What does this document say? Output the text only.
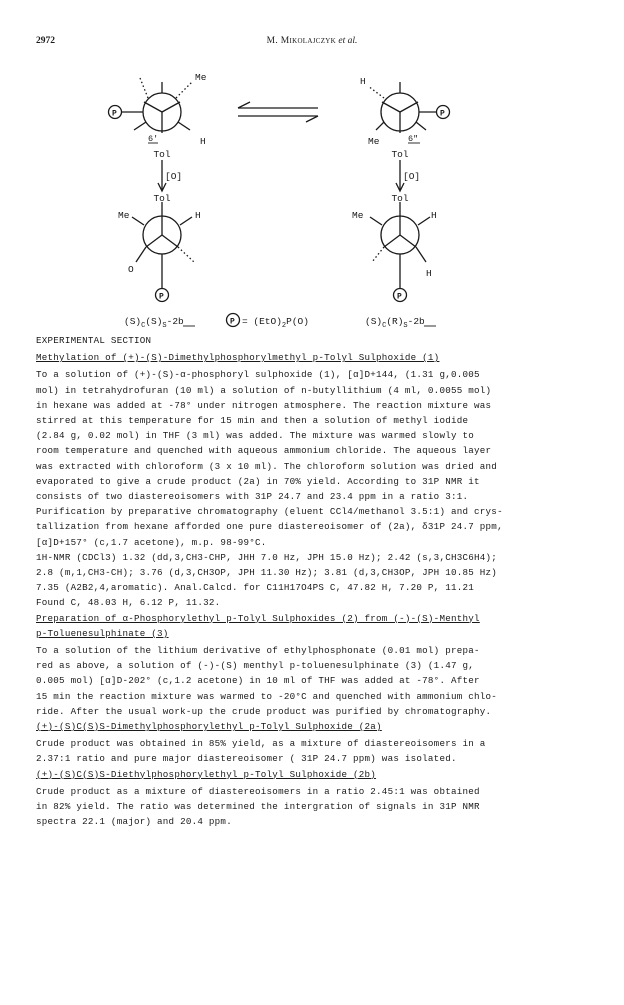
2972	M. Mikolajczyk et al.
Me
H
6'
P
H
Me	6"
P
Tol
[O]
Tol
Tol
[O]
Tol
Me	H
O
P
Me	H
H
P
$(S)_C(S)_S-2b$	$P = (EtO)_2P(O)$	$(S)_C(R)_S-2b$

EXPERIMENTAL SECTION

Methylation of (+)-(S)-Dimethylphosphorylmethyl p-Tolyl Sulphoxide (1)

To a solution of (+)-(S)-α-phosphoryl sulphoxide (1), [α]D+144, (1.31 g,0.005

mol) in tetrahydrofuran (10 ml) a solution of n-butyllithium (4 ml, 0.0055 mol)

in hexane was added at -78° under nitrogen atmosphere. The reaction mixture was

stirred at this temperature for 15 min and then a solution of methyl iodide

(2.84 g, 0.02 mol) in THF (3 ml) was added. The mixture was warmed slowly to

room temperature and quenched with aqueous ammonium chloride. The aqueous layer

was extracted with chloroform (3 x 10 ml). The chloroform solution was dried and

evaporated to give a crude product (2a) in 70% yield. According to 31P NMR it

consists of two diastereoisomers with 31P 24.7 and 23.4 ppm in a ratio 3:1.

Purification by preparative chromatography (eluent CCl4/methanol 3.5:1) and crys-

tallization from hexane afforded one pure diastereoisomer of (2a), δ31P 24.7 ppm,

[α]D+157° (c,1.7 acetone), m.p. 98-99°C.

1H-NMR (CDCl3) 1.32 (dd,3,CH3-CHP, JHH 7.0 Hz, JPH 15.0 Hz); 2.42 (s,3,CH3C6H4);

2.8 (m,1,CH3-CH); 3.76 (d,3,CH3OP, JPH 11.30 Hz); 3.81 (d,3,CH3OP, JPH 10.85 Hz)

7.35 (A2B2,4,aromatic). Anal.Calcd. for C11H17O4PS C, 47.82 H, 7.20 P, 11.21

Found C, 48.03 H, 6.12 P, 11.32.

Preparation of α-Phosphorylethyl p-Tolyl Sulphoxides (2) from (-)-(S)-Menthyl

p-Toluenesulphinate (3)

To a solution of the lithium derivative of ethylphosphonate (0.01 mol) prepa-

red as above, a solution of (-)-(S) menthyl p-toluenesulphinate (3) (1.47 g,

0.005 mol) [α]D-202° (c,1.2 acetone) in 10 ml of THF was added at -78°. After

15 min the reaction mixture was warmed to -20°C and quenched with ammonium chlo-

ride. After the usual work-up the crude product was purified by chromatography.

(+)-(S)C(S)S-Dimethylphosphorylethyl p-Tolyl Sulphoxide (2a)

Crude product was obtained in 85% yield, as a mixture of diastereoisomers in a

2.37:1 ratio and pure major diastereoisomer ( 31P 24.7 ppm) was isolated.

(+)-(S)C(S)S-Diethylphosphorylethyl p-Tolyl Sulphoxide (2b)

Crude product as a mixture of diastereoisomers in a ratio 2.45:1 was obtained

in 82% yield. The ratio was determined the intergration of signals in 31P NMR

spectra 22.1 (major) and 20.4 ppm.
